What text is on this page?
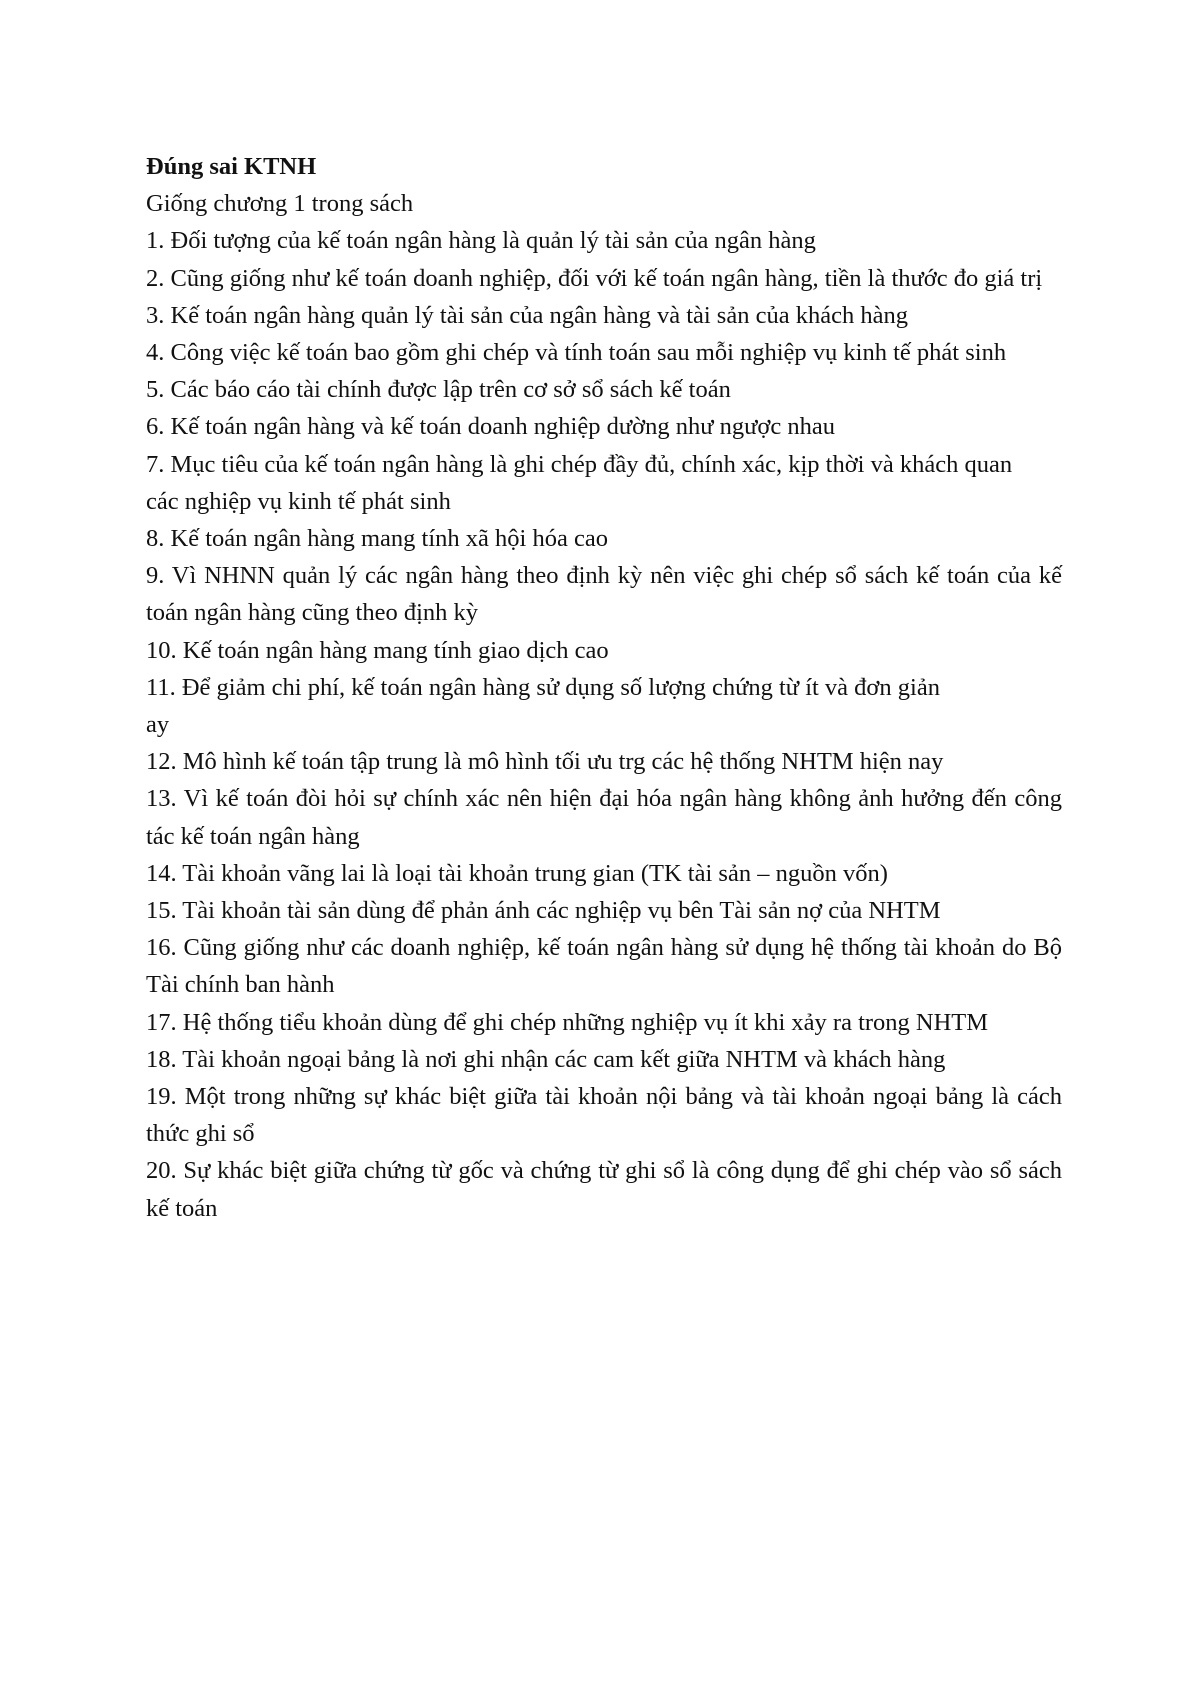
Đúng sai KTNH

Giống chương 1 trong sách

1. Đối tượng của kế toán ngân hàng là quản lý tài sản của ngân hàng

2. Cũng giống như kế toán doanh nghiệp, đối với kế toán ngân hàng, tiền là thước đo giá trị

3. Kế toán ngân hàng quản lý tài sản của ngân hàng và tài sản của khách hàng

4. Công việc kế toán bao gồm ghi chép và tính toán sau mỗi nghiệp vụ kinh tế phát sinh

5. Các báo cáo tài chính được lập trên cơ sở sổ sách kế toán

6. Kế toán ngân hàng và kế toán doanh nghiệp dường như ngược nhau

7. Mục tiêu của kế toán ngân hàng là ghi chép đầy đủ, chính xác, kịp thời và khách quan

các nghiệp vụ kinh tế phát sinh

8. Kế toán ngân hàng mang tính xã hội hóa cao

9. Vì NHNN quản lý các ngân hàng theo định kỳ nên việc ghi chép sổ sách kế toán của kế toán ngân hàng cũng theo định kỳ

10. Kế toán ngân hàng mang tính giao dịch cao

11. Để giảm chi phí, kế toán ngân hàng sử dụng số lượng chứng từ ít và đơn giản

ay

12. Mô hình kế toán tập trung là mô hình tối ưu trg các hệ thống NHTM hiện nay

13. Vì kế toán đòi hỏi sự chính xác nên hiện đại hóa ngân hàng không ảnh hưởng đến công tác kế toán ngân hàng

14. Tài khoản vãng lai là loại tài khoản trung gian (TK tài sản – nguồn vốn)

15. Tài khoản tài sản dùng để phản ánh các nghiệp vụ bên Tài sản nợ của NHTM

16. Cũng giống như các doanh nghiệp, kế toán ngân hàng sử dụng hệ thống tài khoản do Bộ Tài chính ban hành

17. Hệ thống tiểu khoản dùng để ghi chép những nghiệp vụ ít khi xảy ra trong NHTM

18. Tài khoản ngoại bảng là nơi ghi nhận các cam kết giữa NHTM và khách hàng

19. Một trong những sự khác biệt giữa tài khoản nội bảng và tài khoản ngoại bảng là cách thức ghi sổ

20. Sự khác biệt giữa chứng từ gốc và chứng từ ghi sổ là công dụng để ghi chép vào sổ sách kế toán
